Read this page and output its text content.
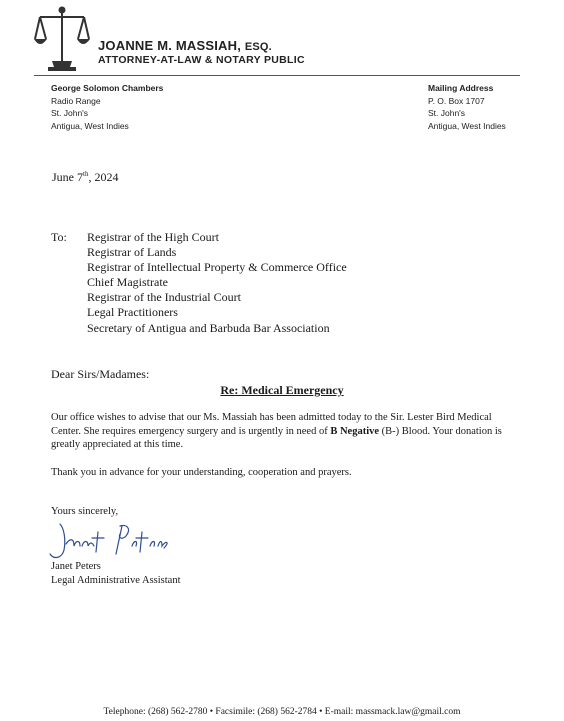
JOANNE M. MASSIAH, ESQ.
ATTORNEY-AT-LAW & NOTARY PUBLIC
George Solomon Chambers
Radio Range
St. John's
Antigua, West Indies
Mailing Address
P. O. Box 1707
St. John's
Antigua, West Indies
June 7th, 2024
To: Registrar of the High Court
Registrar of Lands
Registrar of Intellectual Property & Commerce Office
Chief Magistrate
Registrar of the Industrial Court
Legal Practitioners
Secretary of Antigua and Barbuda Bar Association
Dear Sirs/Madames:
Re: Medical Emergency
Our office wishes to advise that our Ms. Massiah has been admitted today to the Sir. Lester Bird Medical Center. She requires emergency surgery and is urgently in need of B Negative (B-) Blood. Your donation is greatly appreciated at this time.
Thank you in advance for your understanding, cooperation and prayers.
Yours sincerely,
Janet Peters
Legal Administrative Assistant
Telephone: (268) 562-2780 • Facsimile: (268) 562-2784 • E-mail: massmack.law@gmail.com
